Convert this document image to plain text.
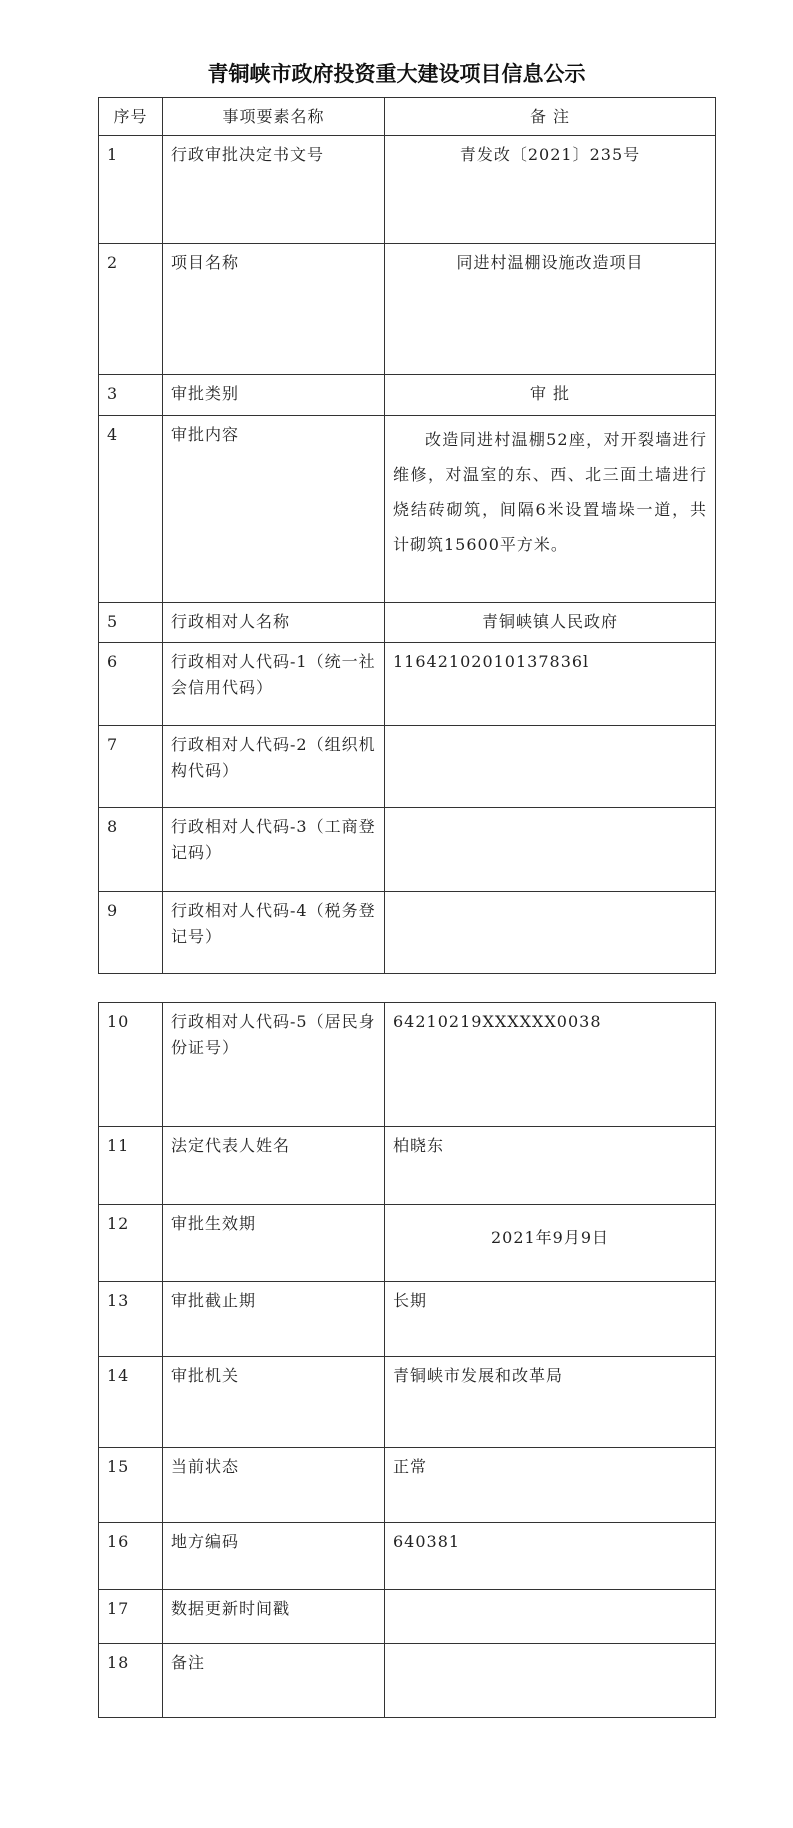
青铜峡市政府投资重大建设项目信息公示
序号	事项要素名称	备 注
1	行政审批决定书文号	青发改〔2021〕235号
2	项目名称	同进村温棚设施改造项目
3	审批类别	审 批
4	审批内容	改造同进村温棚52座，对开裂墙进行维修，对温室的东、西、北三面土墙进行烧结砖砌筑，间隔6米设置墙垛一道，共计砌筑15600平方米。
5	行政相对人名称	青铜峡镇人民政府
6	行政相对人代码-1（统一社会信用代码）	11642102010137836l
7	行政相对人代码-2（组织机构代码）	
8	行政相对人代码-3（工商登记码）	
9	行政相对人代码-4（税务登记号）	
10	行政相对人代码-5（居民身份证号）	64210219XXXXXX0038
11	法定代表人姓名	柏晓东
12	审批生效期	2021年9月9日
13	审批截止期	长期
14	审批机关	青铜峡市发展和改革局
15	当前状态	正常
16	地方编码	640381
17	数据更新时间戳	
18	备注	
